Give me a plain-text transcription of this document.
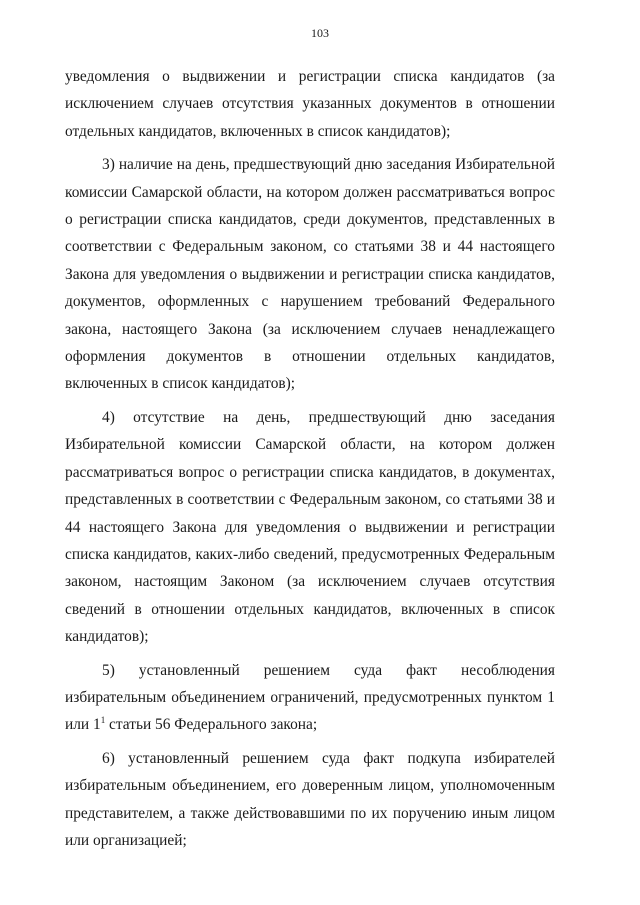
103

уведомления о выдвижении и регистрации списка кандидатов (за исключением случаев отсутствия указанных документов в отношении отдельных кандидатов, включенных в список кандидатов);

3) наличие на день, предшествующий дню заседания Избирательной комиссии Самарской области, на котором должен рассматриваться вопрос о регистрации списка кандидатов, среди документов, представленных в соответствии с Федеральным законом, со статьями 38 и 44 настоящего Закона для уведомления о выдвижении и регистрации списка кандидатов, документов, оформленных с нарушением требований Федерального закона, настоящего Закона (за исключением случаев ненадлежащего оформления документов в отношении отдельных кандидатов, включенных в список кандидатов);

4) отсутствие на день, предшествующий дню заседания Избирательной комиссии Самарской области, на котором должен рассматриваться вопрос о регистрации списка кандидатов, в документах, представленных в соответствии с Федеральным законом, со статьями 38 и 44 настоящего Закона для уведомления о выдвижении и регистрации списка кандидатов, каких-либо сведений, предусмотренных Федеральным законом, настоящим Законом (за исключением случаев отсутствия сведений в отношении отдельных кандидатов, включенных в список кандидатов);

5) установленный решением суда факт несоблюдения избирательным объединением ограничений, предусмотренных пунктом 1 или $1^1$ статьи 56 Федерального закона;

6) установленный решением суда факт подкупа избирателей избирательным объединением, его доверенным лицом, уполномоченным представителем, а также действовавшими по их поручению иным лицом или организацией;
